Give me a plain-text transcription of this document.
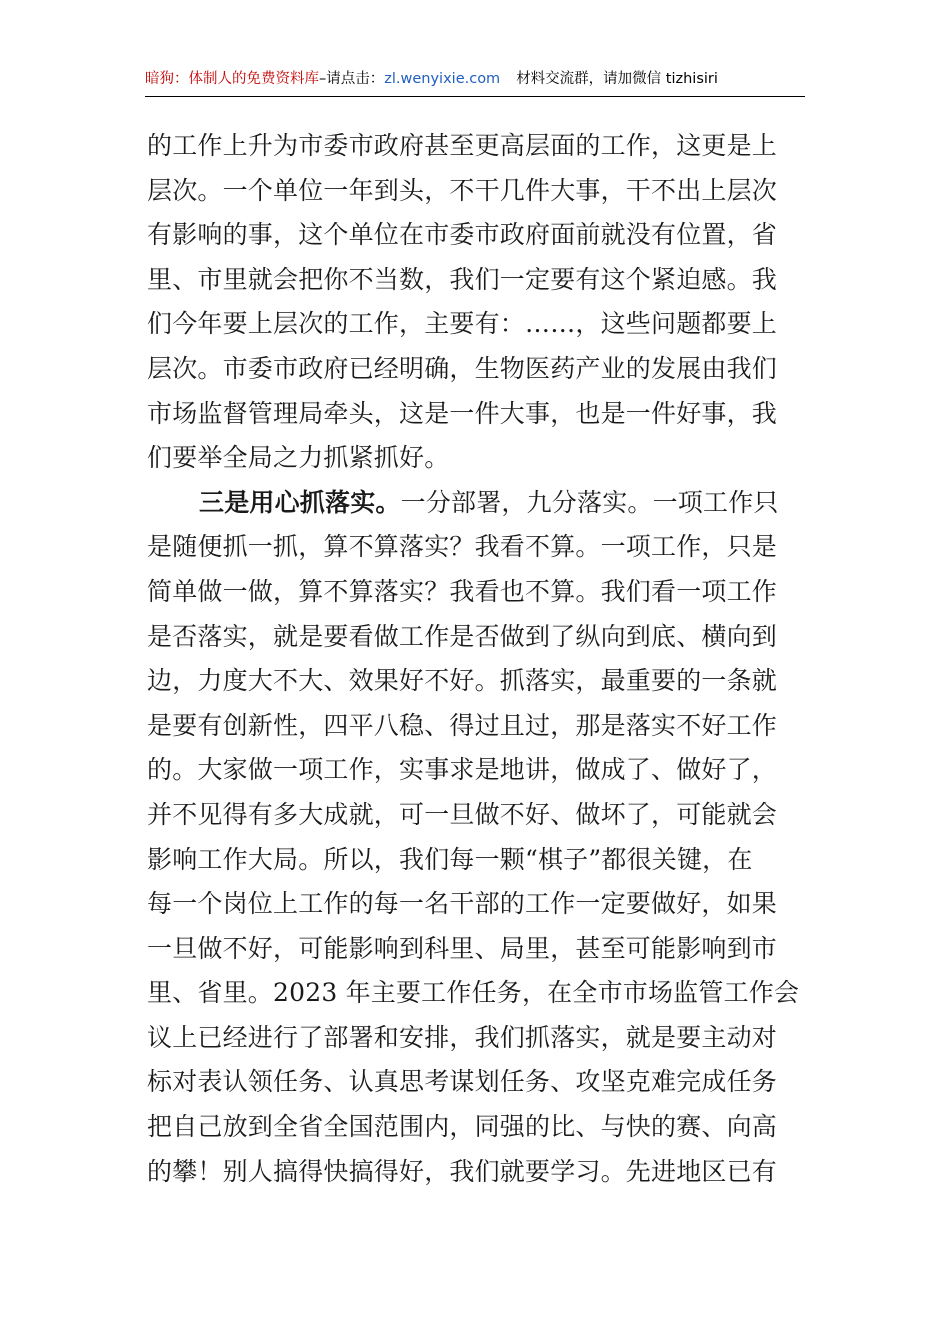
暗狗：体制人的免费资料库–请点击：zl.wenyixie.com 材料交流群，请加微信 tizhisiri
的工作上升为市委市政府甚至更高层面的工作，这更是上
层次。一个单位一年到头，不干几件大事，干不出上层次
有影响的事，这个单位在市委市政府面前就没有位置，省
里、市里就会把你不当数，我们一定要有这个紧迫感。我
们今年要上层次的工作，主要有：……，这些问题都要上
层次。市委市政府已经明确，生物医药产业的发展由我们
市场监督管理局牵头，这是一件大事，也是一件好事，我
们要举全局之力抓紧抓好。
三是用心抓落实。一分部署，九分落实。一项工作只
是随便抓一抓，算不算落实？我看不算。一项工作，只是
简单做一做，算不算落实？我看也不算。我们看一项工作
是否落实，就是要看做工作是否做到了纵向到底、横向到
边，力度大不大、效果好不好。抓落实，最重要的一条就
是要有创新性，四平八稳、得过且过，那是落实不好工作
的。大家做一项工作，实事求是地讲，做成了、做好了，
并不见得有多大成就，可一旦做不好、做坏了，可能就会
影响工作大局。所以，我们每一颗“棋子”都很关键，在
每一个岗位上工作的每一名干部的工作一定要做好，如果
一旦做不好，可能影响到科里、局里，甚至可能影响到市
里、省里。2023 年主要工作任务，在全市市场监管工作会
议上已经进行了部署和安排，我们抓落实，就是要主动对
标对表认领任务、认真思考谋划任务、攻坚克难完成任务
把自己放到全省全国范围内，同强的比、与快的赛、向高
的攀！别人搞得快搞得好，我们就要学习。先进地区已有
